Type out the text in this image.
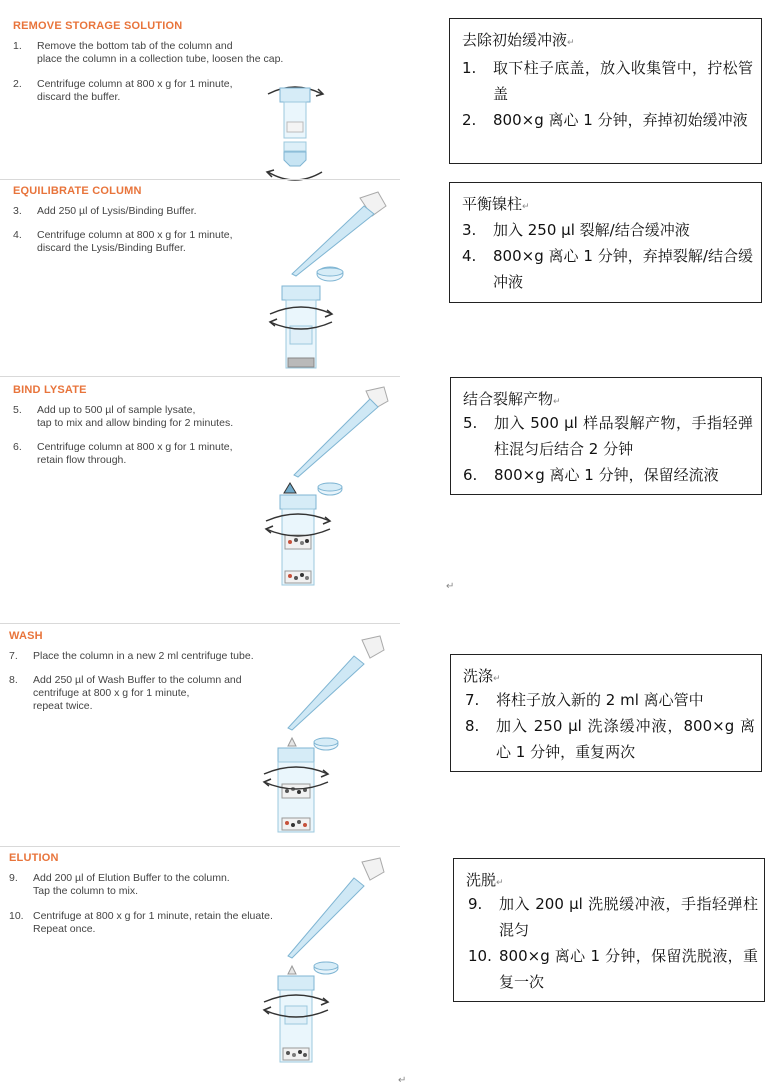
REMOVE STORAGE SOLUTION
1. Remove the bottom tab of the column and
place the column in a collection tube, loosen the cap.
2. Centrifuge column at 800 x g for 1 minute,
discard the buffer.
去除初始缓冲液↵
1. 取下柱子底盖，放入收集管中，拧松管盖
2. 800×g 离心 1 分钟，弃掉初始缓冲液
EQUILIBRATE COLUMN
3. Add 250 µl of Lysis/Binding Buffer.
4. Centrifuge column at 800 x g for 1 minute,
discard the Lysis/Binding Buffer.
平衡镍柱↵
3. 加入 250 µl 裂解/结合缓冲液
4. 800×g 离心 1 分钟，弃掉裂解/结合缓冲液
BIND LYSATE
5. Add up to 500 µl of sample lysate,
tap to mix and allow binding for 2 minutes.
6. Centrifuge column at 800 x g for 1 minute,
retain flow through.
结合裂解产物↵
5. 加入 500 µl 样品裂解产物，手指轻弹柱混匀后结合 2 分钟
6. 800×g 离心 1 分钟，保留经流液
↵
WASH
7. Place the column in a new 2 ml centrifuge tube.
8. Add 250 µl of Wash Buffer to the column and
centrifuge at 800 x g for 1 minute,
repeat twice.
洗涤↵
7. 将柱子放入新的 2 ml 离心管中
8. 加入 250 µl 洗涤缓冲液，800×g 离心 1 分钟，重复两次
ELUTION
9. Add 200 µl of Elution Buffer to the column.
Tap the column to mix.
10. Centrifuge at 800 x g for 1 minute, retain the eluate.
Repeat once.
洗脱↵
9. 加入 200 µl 洗脱缓冲液，手指轻弹柱混匀
10. 800×g 离心 1 分钟，保留洗脱液，重复一次
↵
